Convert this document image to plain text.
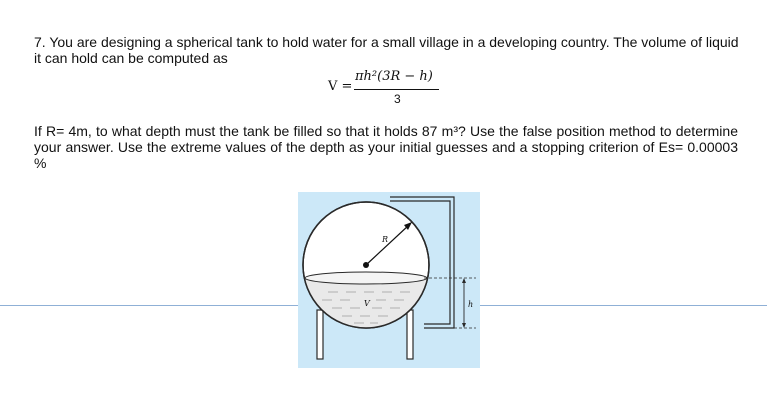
7. You are designing a spherical tank to hold water for a small village in a developing country. The volume of liquid it can hold can be computed as

V =
πh²(3R − h)
3

If R= 4m, to what depth must the tank be filled so that it holds 87 m³? Use the false position method to determine your answer. Use the extreme values of the depth as your initial guesses and a stopping criterion of Es= 0.00003 %

R
V	h
